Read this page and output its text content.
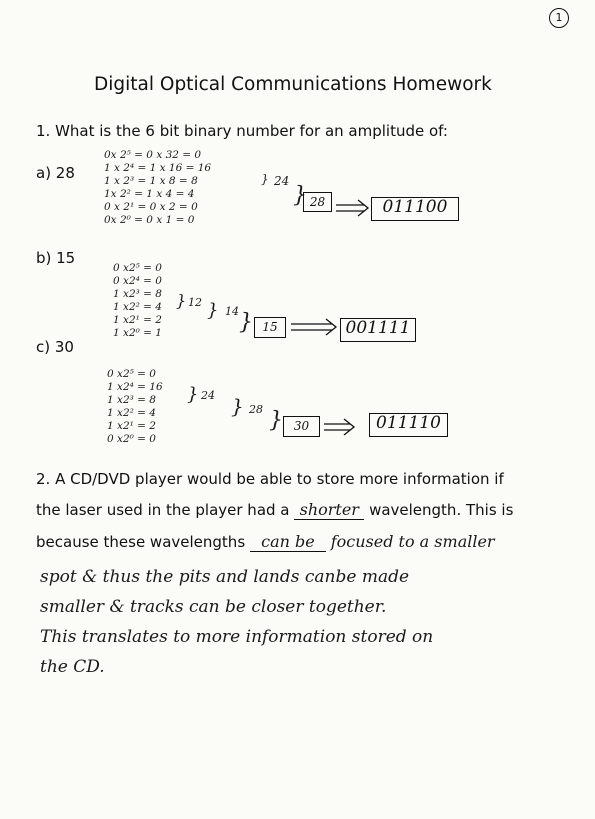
1
Digital Optical Communications Homework
1. What is the 6 bit binary number for an amplitude of:
a) 28
0x 2⁵ = 0 x 32 = 0
1 x 2⁴ = 1 x 16 = 16
1 x 2³ = 1 x 8 = 8
1x 2² = 1 x 4 = 4
0 x 2¹ = 0 x 2 = 0
0x 2⁰ = 0 x 1 = 0
} 24
} 28	011100
b) 15
0 x2⁵ = 0
0 x2⁴ = 0
1 x2³ = 8
1 x2² = 4
1 x2¹ = 2
1 x2⁰ = 1
} 12 } 14 } 15	001111
c) 30
0 x2⁵ = 0
1 x2⁴ = 16
1 x2³ = 8
1 x2² = 4
1 x2¹ = 2
0 x2⁰ = 0
} 24 } 28 } 30	011110
2. A CD/DVD player would be able to store more information if
the laser used in the player had a shorter wavelength. This is
because these wavelengths can be focused to a smaller
spot & thus the pits and lands canbe made
smaller & tracks can be closer together.
This translates to more information stored on
the CD.
